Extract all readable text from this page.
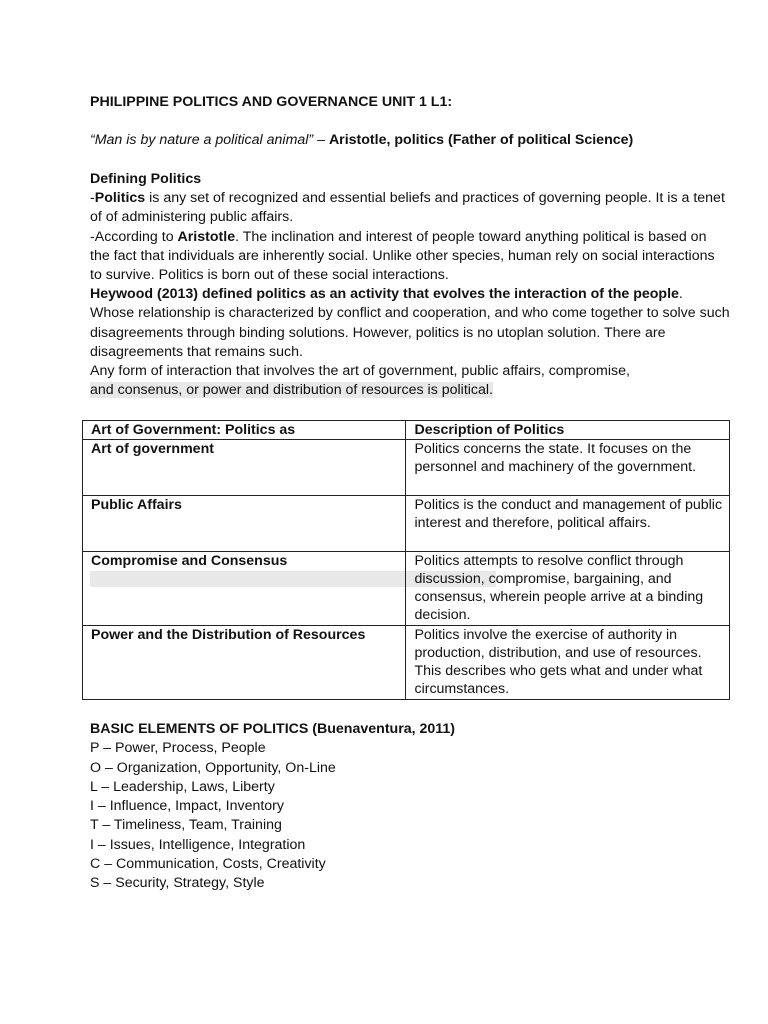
PHILIPPINE POLITICS AND GOVERNANCE UNIT 1 L1:
“Man is by nature a political animal” – Aristotle, politics (Father of political Science)

Defining Politics

-Politics is any set of recognized and essential beliefs and practices of governing people. It is a tenet of of administering public affairs.

-According to Aristotle. The inclination and interest of people toward anything political is based on the fact that individuals are inherently social. Unlike other species, human rely on social interactions to survive. Politics is born out of these social interactions.

Heywood (2013) defined politics as an activity that evolves the interaction of the people. Whose relationship is characterized by conflict and cooperation, and who come together to solve such disagreements through binding solutions. However, politics is no utoplan solution. There are disagreements that remains such.

Any form of interaction that involves the art of government, public affairs, compromise,
and consenus, or power and distribution of resources is political.

Art of Government: Politics as	Description of Politics
Art of government	Politics concerns the state. It focuses on the personnel and machinery of the government.
Public Affairs	Politics is the conduct and management of public interest and therefore, political affairs.
Compromise and Consensus	Politics attempts to resolve conflict through discussion, compromise, bargaining, and consensus, wherein people arrive at a binding decision.
Power and the Distribution of Resources	Politics involve the exercise of authority in production, distribution, and use of resources. This describes who gets what and under what circumstances.
BASIC ELEMENTS OF POLITICS (Buenaventura, 2011)
P – Power, Process, People
O – Organization, Opportunity, On-Line
L – Leadership, Laws, Liberty
I – Influence, Impact, Inventory
T – Timeliness, Team, Training
I – Issues, Intelligence, Integration
C – Communication, Costs, Creativity
S – Security, Strategy, Style
